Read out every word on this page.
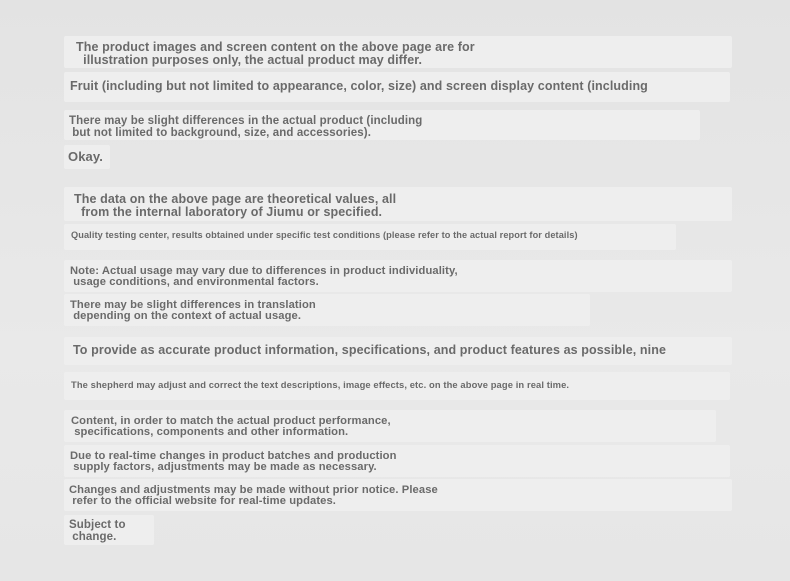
The product images and screen content on the above page are for
illustration purposes only, the actual product may differ.
Fruit (including but not limited to appearance, color, size) and screen display content (including
There may be slight differences in the actual product (including
but not limited to background, size, and accessories).
Okay.
The data on the above page are theoretical values, all
from the internal laboratory of Jiumu or specified.
Quality testing center, results obtained under specific test conditions (please refer to the actual report for details)
Note: Actual usage may vary due to differences in product individuality,
usage conditions, and environmental factors.
There may be slight differences in translation
depending on the context of actual usage.
To provide as accurate product information, specifications, and product features as possible, nine
The shepherd may adjust and correct the text descriptions, image effects, etc. on the above page in real time.
Content, in order to match the actual product performance,
specifications, components and other information.
Due to real-time changes in product batches and production
supply factors, adjustments may be made as necessary.
Changes and adjustments may be made without prior notice. Please
refer to the official website for real-time updates.
Subject to
change.
